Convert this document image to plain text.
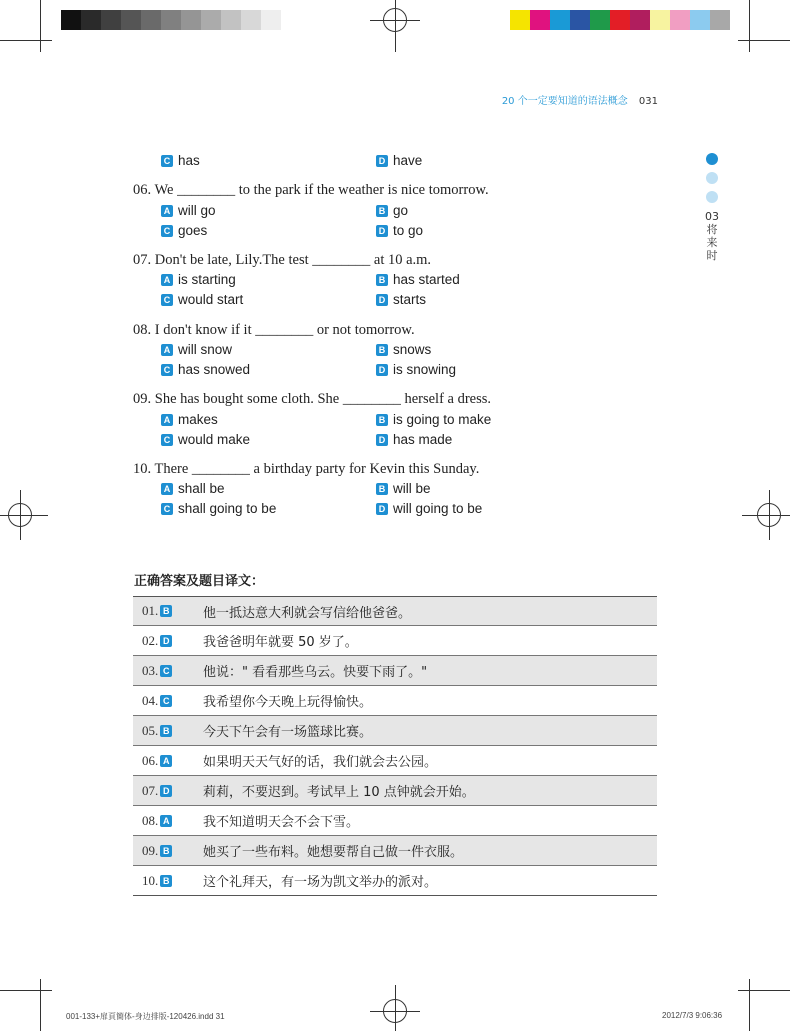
20 个一定要知道的语法概念 031
03
将
来
时
C has	D have
06. We ________ to the park if the weather is nice tomorrow.
A will go	B go
C goes	D to go
07. Don't be late, Lily.The test ________ at 10 a.m.
A is starting	B has started
C would start	D starts
08. I don't know if it ________ or not tomorrow.
A will snow	B snows
C has snowed	D is snowing
09. She has bought some cloth. She ________ herself a dress.
A makes	B is going to make
C would make	D has made
10. There ________ a birthday party for Kevin this Sunday.
A shall be	B will be
C shall going to be	D will going to be
正确答案及题目译文：
01. B	他一抵达意大利就会写信给他爸爸。
02. D	我爸爸明年就要 50 岁了。
03. C	他说：" 看看那些乌云。快要下雨了。"
04. C	我希望你今天晚上玩得愉快。
05. B	今天下午会有一场篮球比赛。
06. A	如果明天天气好的话，我们就会去公园。
07. D	莉莉，不要迟到。考试早上 10 点钟就会开始。
08. A	我不知道明天会不会下雪。
09. B	她买了一些布料。她想要帮自己做一件衣服。
10. B	这个礼拜天，有一场为凯文举办的派对。
001-133+扉頁簡体-身边排版-120426.indd 31	2012/7/3 9:06:36
